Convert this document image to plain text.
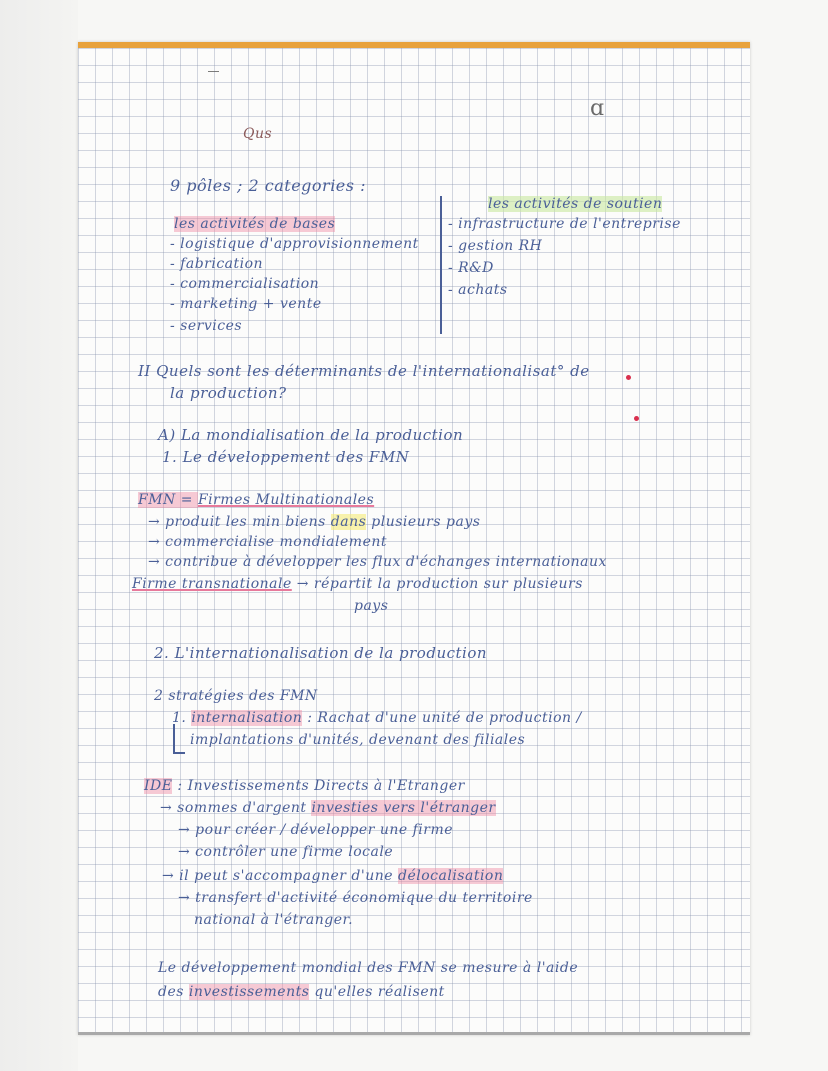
‾
ɑ
Qus
9 pôles ; 2 categories :
les activités de bases
- logistique d'approvisionnement
- fabrication
- commercialisation
- marketing + vente
- services
les activités de soutien
- infrastructure de l'entreprise
- gestion RH
- R&D
- achats
II Quels sont les déterminants de l'internationalisat° de
la production?
A) La mondialisation de la production
1. Le développement des FMN
FMN = Firmes Multinationales
→ produit les min biens dans plusieurs pays
→ commercialise mondialement
→ contribue à développer les flux d'échanges internationaux
Firme transnationale → répartit la production sur plusieurs
pays
2. L'internationalisation de la production
2 stratégies des FMN
1. internalisation : Rachat d'une unité de production /
implantations d'unités, devenant des filiales
IDE : Investissements Directs à l'Etranger
→ sommes d'argent investies vers l'étranger
→ pour créer / développer une firme
→ contrôler une firme locale
→ il peut s'accompagner d'une délocalisation
→ transfert d'activité économique du territoire
national à l'étranger.
Le développement mondial des FMN se mesure à l'aide
des investissements qu'elles réalisent
